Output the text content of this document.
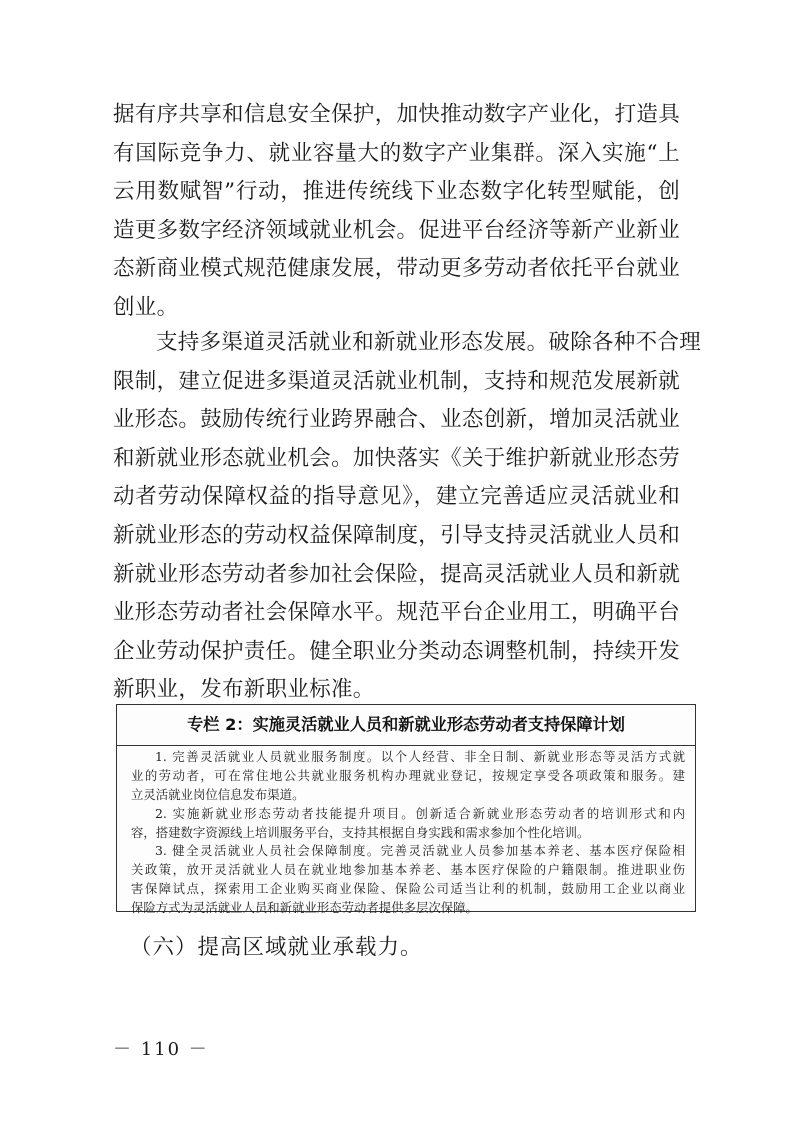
据有序共享和信息安全保护，加快推动数字产业化，打造具
有国际竞争力、就业容量大的数字产业集群。深入实施“上
云用数赋智”行动，推进传统线下业态数字化转型赋能，创
造更多数字经济领域就业机会。促进平台经济等新产业新业
态新商业模式规范健康发展，带动更多劳动者依托平台就业
创业。
支持多渠道灵活就业和新就业形态发展。破除各种不合理
限制，建立促进多渠道灵活就业机制，支持和规范发展新就
业形态。鼓励传统行业跨界融合、业态创新，增加灵活就业
和新就业形态就业机会。加快落实《关于维护新就业形态劳
动者劳动保障权益的指导意见》，建立完善适应灵活就业和
新就业形态的劳动权益保障制度，引导支持灵活就业人员和
新就业形态劳动者参加社会保险，提高灵活就业人员和新就
业形态劳动者社会保障水平。规范平台企业用工，明确平台
企业劳动保护责任。健全职业分类动态调整机制，持续开发
新职业，发布新职业标准。
专栏 2：实施灵活就业人员和新就业形态劳动者支持保障计划
1. 完善灵活就业人员就业服务制度。以个人经营、非全日制、新就业形态等灵活方式就
业的劳动者，可在常住地公共就业服务机构办理就业登记，按规定享受各项政策和服务。建
立灵活就业岗位信息发布渠道。
2. 实施新就业形态劳动者技能提升项目。创新适合新就业形态劳动者的培训形式和内
容，搭建数字资源线上培训服务平台，支持其根据自身实践和需求参加个性化培训。
3. 健全灵活就业人员社会保障制度。完善灵活就业人员参加基本养老、基本医疗保险相
关政策，放开灵活就业人员在就业地参加基本养老、基本医疗保险的户籍限制。推进职业伤
害保障试点，探索用工企业购买商业保险、保险公司适当让利的机制，鼓励用工企业以商业
保险方式为灵活就业人员和新就业形态劳动者提供多层次保障。
（六）提高区域就业承载力。
－ 110 －
